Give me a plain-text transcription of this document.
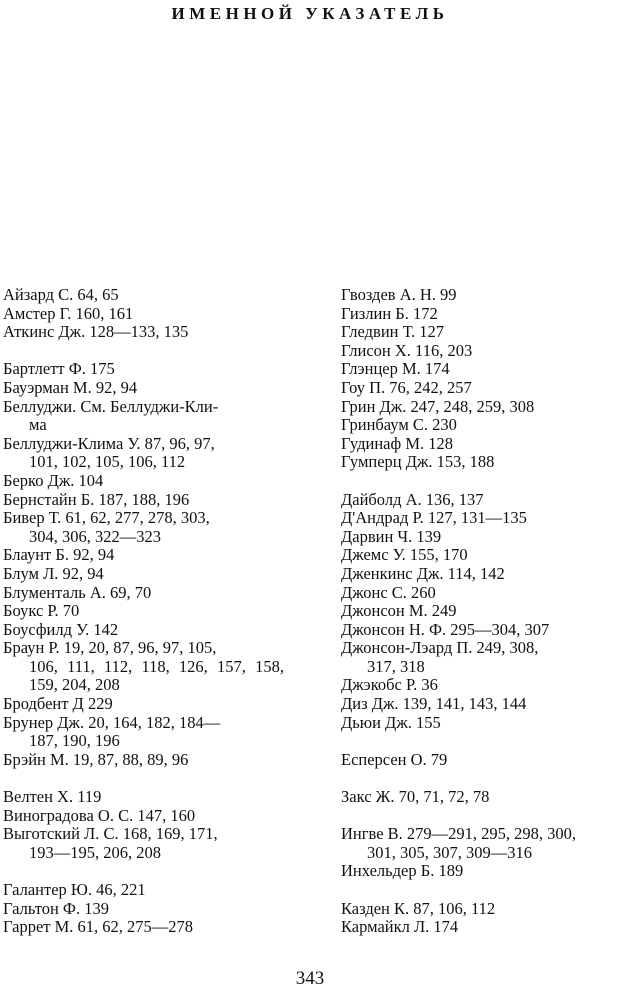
ИМЕННОЙ УКАЗАТЕЛЬ
Айзард С. 64, 65
Амстер Г. 160, 161
Аткинс Дж. 128—133, 135
Бартлетт Ф. 175
Бауэрман М. 92, 94
Беллуджи. См. Беллуджи-Кли-
ма
Беллуджи-Клима У. 87, 96, 97,
101, 102, 105, 106, 112
Берко Дж. 104
Бернстайн Б. 187, 188, 196
Бивер Т. 61, 62, 277, 278, 303,
304, 306, 322—323
Блаунт Б. 92, 94
Блум Л. 92, 94
Блументаль А. 69, 70
Боукс Р. 70
Боусфилд У. 142
Браун Р. 19, 20, 87, 96, 97, 105,
106, 111, 112, 118, 126, 157, 158, 159, 204, 208
Бродбент Д 229
Брунер Дж. 20, 164, 182, 184—
187, 190, 196
Брэйн М. 19, 87, 88, 89, 96
Велтен Х. 119
Виноградова О. С. 147, 160
Выготский Л. С. 168, 169, 171,
193—195, 206, 208
Галантер Ю. 46, 221
Гальтон Ф. 139
Гаррет М. 61, 62, 275—278
Гвоздев А. Н. 99
Гизлин Б. 172
Гледвин Т. 127
Глисон Х. 116, 203
Глэнцер М. 174
Гоу П. 76, 242, 257
Грин Дж. 247, 248, 259, 308
Гринбаум С. 230
Гудинаф М. 128
Гумперц Дж. 153, 188
Дайболд А. 136, 137
Д'Андрад Р. 127, 131—135
Дарвин Ч. 139
Джемс У. 155, 170
Дженкинс Дж. 114, 142
Джонс С. 260
Джонсон М. 249
Джонсон Н. Ф. 295—304, 307
Джонсон-Лэард П. 249, 308,
317, 318
Джэкобс Р. 36
Диз Дж. 139, 141, 143, 144
Дьюи Дж. 155
Есперсен О. 79
Закс Ж. 70, 71, 72, 78
Ингве В. 279—291, 295, 298, 300,
301, 305, 307, 309—316
Инхельдер Б. 189
Казден К. 87, 106, 112
Кармайкл Л. 174
343
